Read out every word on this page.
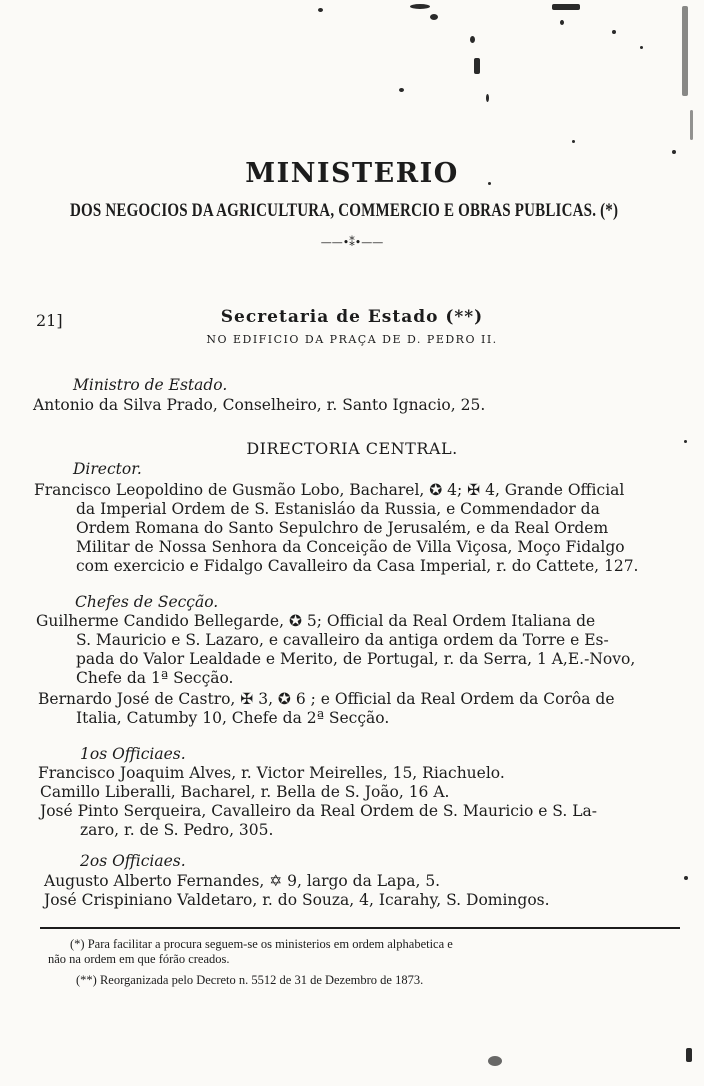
MINISTERIO
DOS NEGOCIOS DA AGRICULTURA, COMMERCIO E OBRAS PUBLICAS. (*)
——•⁑•——
21]	Secretaria de Estado (**)
NO EDIFICIO DA PRAÇA DE D. PEDRO II.
Ministro de Estado.
Antonio da Silva Prado, Conselheiro, r. Santo Ignacio, 25.
DIRECTORIA CENTRAL.
Director.
Francisco Leopoldino de Gusmão Lobo, Bacharel, ✪ 4; ✠ 4, Grande Official
da Imperial Ordem de S. Estanisláo da Russia, e Commendador da
Ordem Romana do Santo Sepulchro de Jerusalém, e da Real Ordem
Militar de Nossa Senhora da Conceição de Villa Viçosa, Moço Fidalgo
com exercicio e Fidalgo Cavalleiro da Casa Imperial, r. do Cattete, 127.
Chefes de Secção.
Guilherme Candido Bellegarde, ✪ 5; Official da Real Ordem Italiana de
S. Mauricio e S. Lazaro, e cavalleiro da antiga ordem da Torre e Es-
pada do Valor Lealdade e Merito, de Portugal, r. da Serra, 1 A,E.-Novo,
Chefe da 1ª Secção.
Bernardo José de Castro, ✠ 3, ✪ 6 ; e Official da Real Ordem da Corôa de
Italia, Catumby 10, Chefe da 2ª Secção.
1os Officiaes.
Francisco Joaquim Alves, r. Victor Meirelles, 15, Riachuelo.
Camillo Liberalli, Bacharel, r. Bella de S. João, 16 A.
José Pinto Serqueira, Cavalleiro da Real Ordem de S. Mauricio e S. La-
zaro, r. de S. Pedro, 305.
2os Officiaes.
Augusto Alberto Fernandes, ✡ 9, largo da Lapa, 5.
José Crispiniano Valdetaro, r. do Souza, 4, Icarahy, S. Domingos.
(*) Para facilitar a procura seguem-se os ministerios em ordem alphabetica e
não na ordem em que fórão creados.
(**) Reorganizada pelo Decreto n. 5512 de 31 de Dezembro de 1873.
